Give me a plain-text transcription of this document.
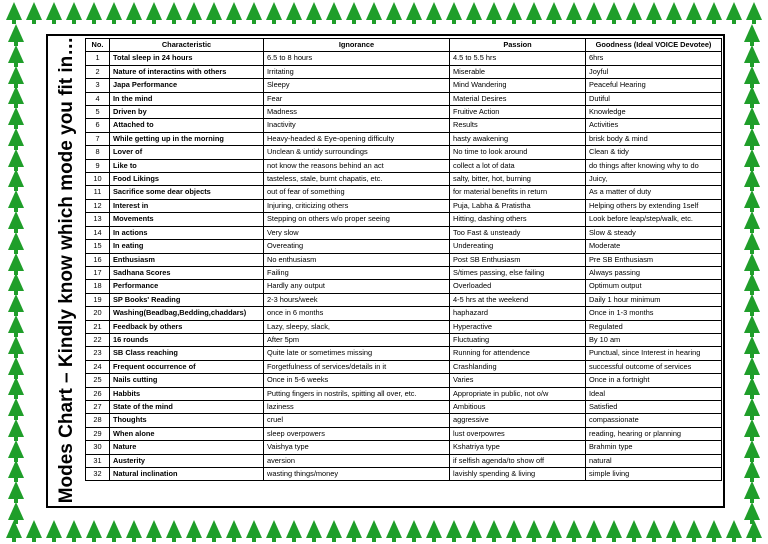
Modes Chart – Kindly know which mode you fit in…	No.	Characteristic	Ignorance	Passion	Goodness (Ideal VOICE Devotee)
1	Total sleep in 24 hours	6.5 to 8 hours	4.5 to 5.5 hrs	6hrs
2	Nature of interactins with others	Irritating	Miserable	Joyful
3	Japa Performance	Sleepy	Mind Wandering	Peaceful Hearing
4	In the mind	Fear	Material Desires	Dutiful
5	Driven by	Madness	Fruitive Action	Knowledge
6	Attached to	Inactivity	Results	Activities
7	While getting up in the morning	Heavy-headed & Eye-opening difficulty	hasty awakening	brisk body & mind
8	Lover of	Unclean & untidy surroundings	No time to look around	Clean & tidy
9	Like to	not know the reasons behind an act	collect a lot of data	do things after knowing why to do
10	Food Likings	tasteless, stale, burnt chapatis, etc.	salty, bitter, hot, burning	Juicy,
11	Sacrifice some dear objects	out of fear of something	for material benefits in return	As a matter of duty
12	Interest in	Injuring, criticizing others	Puja, Labha & Pratistha	Helping others by extending 1self
13	Movements	Stepping on others w/o proper seeing	Hitting, dashing others	Look before leap/step/walk, etc.
14	In actions	Very slow	Too Fast & unsteady	Slow & steady
15	In eating	Overeating	Undereating	Moderate
16	Enthusiasm	No enthusiasm	Post SB Enthusiasm	Pre SB Enthusiasm
17	Sadhana Scores	Failing	S/times passing, else failing	Always passing
18	Performance	Hardly any output	Overloaded	Optimum output
19	SP Books' Reading	2-3 hours/week	4-5 hrs at the weekend	Daily 1 hour minimum
20	Washing(Beadbag,Bedding,chaddars)	once in 6 months	haphazard	Once in 1-3 months
21	Feedback by others	Lazy, sleepy, slack,	Hyperactive	Regulated
22	16 rounds	After 5pm	Fluctuating	By 10 am
23	SB Class reaching	Quite late or sometimes missing	Running for attendence	Punctual, since Interest in hearing
24	Frequent occurrence of	Forgetfulness of services/details in it	Crashlanding	successful outcome of services
25	Nails cutting	Once in 5-6 weeks	Varies	Once in a fortnight
26	Habbits	Putting fingers in nostrils, spitting all over, etc.	Appropriate in public, not o/w	Ideal
27	State of the mind	laziness	Ambitious	Satisfied
28	Thoughts	cruel	aggressive	compassionate
29	When alone	sleep overpowers	lust overpowres	reading, hearing or planning
30	Nature	Vaishya type	Kshatriya type	Brahmin type
31	Austerity	aversion	if selfish agenda/to show off	natural
32	Natural inclination	wasting things/money	lavishly spending & living	simple living
